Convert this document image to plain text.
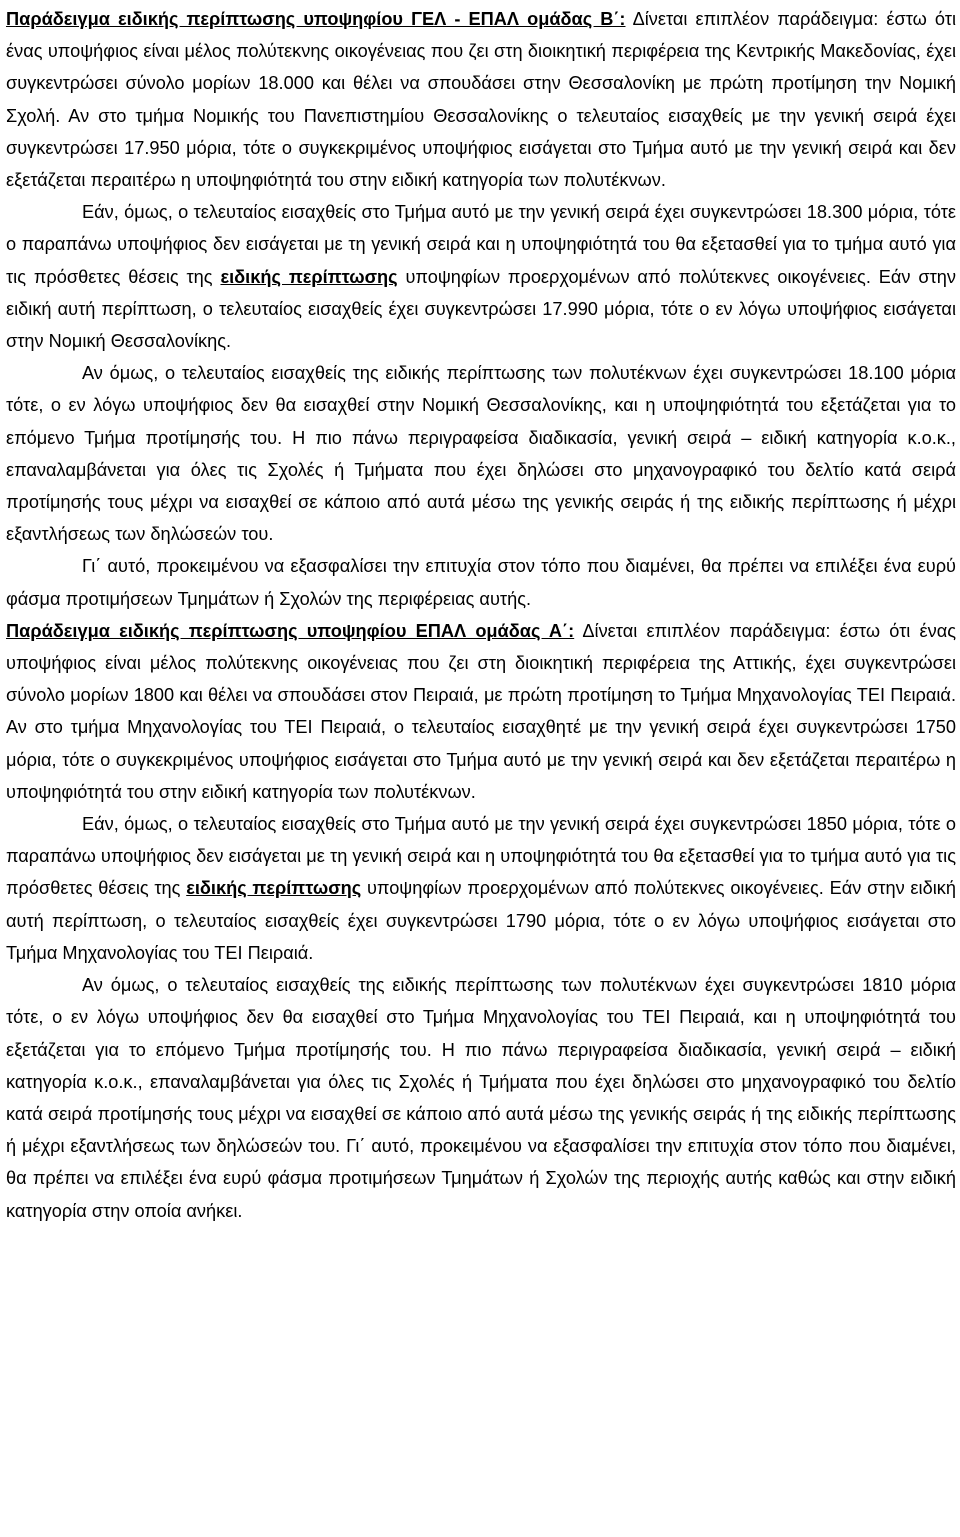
Παράδειγμα ειδικής περίπτωσης υποψηφίου ΓΕΛ - ΕΠΑΛ ομάδας Β΄: Δίνεται επιπλέον παράδειγμα: έστω ότι ένας υποψήφιος είναι μέλος πολύτεκνης οικογένειας που ζει στη διοικητική περιφέρεια της Κεντρικής Μακεδονίας, έχει συγκεντρώσει σύνολο μορίων 18.000 και θέλει να σπουδάσει στην Θεσσαλονίκη με πρώτη προτίμηση την Νομική Σχολή. Αν στο τμήμα Νομικής του Πανεπιστημίου Θεσσαλονίκης ο τελευταίος εισαχθείς με την γενική σειρά έχει συγκεντρώσει 17.950 μόρια, τότε ο συγκεκριμένος υποψήφιος εισάγεται στο Τμήμα αυτό με την γενική σειρά και δεν εξετάζεται περαιτέρω η υποψηφιότητά του στην ειδική κατηγορία των πολυτέκνων.

Εάν, όμως, ο τελευταίος εισαχθείς στο Τμήμα αυτό με την γενική σειρά έχει συγκεντρώσει 18.300 μόρια, τότε ο παραπάνω υποψήφιος δεν εισάγεται με τη γενική σειρά και η υποψηφιότητά του θα εξετασθεί για το τμήμα αυτό για τις πρόσθετες θέσεις της ειδικής περίπτωσης υποψηφίων προερχομένων από πολύτεκνες οικογένειες. Εάν στην ειδική αυτή περίπτωση, ο τελευταίος εισαχθείς έχει συγκεντρώσει 17.990 μόρια, τότε ο εν λόγω υποψήφιος εισάγεται στην Νομική Θεσσαλονίκης.

Αν όμως, ο τελευταίος εισαχθείς της ειδικής περίπτωσης των πολυτέκνων έχει συγκεντρώσει 18.100 μόρια τότε, ο εν λόγω υποψήφιος δεν θα εισαχθεί στην Νομική Θεσσαλονίκης, και η υποψηφιότητά του εξετάζεται για το επόμενο Τμήμα προτίμησής του. Η πιο πάνω περιγραφείσα διαδικασία, γενική σειρά – ειδική κατηγορία κ.ο.κ., επαναλαμβάνεται για όλες τις Σχολές ή Τμήματα που έχει δηλώσει στο μηχανογραφικό του δελτίο κατά σειρά προτίμησής τους μέχρι να εισαχθεί σε κάποιο από αυτά μέσω της γενικής σειράς ή της ειδικής περίπτωσης ή μέχρι εξαντλήσεως των δηλώσεών του.

Γι΄ αυτό, προκειμένου να εξασφαλίσει την επιτυχία στον τόπο που διαμένει, θα πρέπει να επιλέξει ένα ευρύ φάσμα προτιμήσεων Τμημάτων ή Σχολών της περιφέρειας αυτής.

Παράδειγμα ειδικής περίπτωσης υποψηφίου ΕΠΑΛ ομάδας Α΄: Δίνεται επιπλέον παράδειγμα: έστω ότι ένας υποψήφιος είναι μέλος πολύτεκνης οικογένειας που ζει στη διοικητική περιφέρεια της Αττικής, έχει συγκεντρώσει σύνολο μορίων 1800 και θέλει να σπουδάσει στον Πειραιά, με πρώτη προτίμηση το Τμήμα Μηχανολογίας ΤΕΙ Πειραιά. Αν στο τμήμα Μηχανολογίας του ΤΕΙ Πειραιά, ο τελευταίος εισαχθητέ με την γενική σειρά έχει συγκεντρώσει 1750 μόρια, τότε ο συγκεκριμένος υποψήφιος εισάγεται στο Τμήμα αυτό με την γενική σειρά και δεν εξετάζεται περαιτέρω η υποψηφιότητά του στην ειδική κατηγορία των πολυτέκνων.

Εάν, όμως, ο τελευταίος εισαχθείς στο Τμήμα αυτό με την γενική σειρά έχει συγκεντρώσει 1850 μόρια, τότε ο παραπάνω υποψήφιος δεν εισάγεται με τη γενική σειρά και η υποψηφιότητά του θα εξετασθεί για το τμήμα αυτό για τις πρόσθετες θέσεις της ειδικής περίπτωσης υποψηφίων προερχομένων από πολύτεκνες οικογένειες. Εάν στην ειδική αυτή περίπτωση, ο τελευταίος εισαχθείς έχει συγκεντρώσει 1790 μόρια, τότε ο εν λόγω υποψήφιος εισάγεται στο Τμήμα Μηχανολογίας του ΤΕΙ Πειραιά.

Αν όμως, ο τελευταίος εισαχθείς της ειδικής περίπτωσης των πολυτέκνων έχει συγκεντρώσει 1810 μόρια τότε, ο εν λόγω υποψήφιος δεν θα εισαχθεί στο Τμήμα Μηχανολογίας του ΤΕΙ Πειραιά, και η υποψηφιότητά του εξετάζεται για το επόμενο Τμήμα προτίμησής του. Η πιο πάνω περιγραφείσα διαδικασία, γενική σειρά – ειδική κατηγορία κ.ο.κ., επαναλαμβάνεται για όλες τις Σχολές ή Τμήματα που έχει δηλώσει στο μηχανογραφικό του δελτίο κατά σειρά προτίμησής τους μέχρι να εισαχθεί σε κάποιο από αυτά μέσω της γενικής σειράς ή της ειδικής περίπτωσης ή μέχρι εξαντλήσεως των δηλώσεών του. Γι΄ αυτό, προκειμένου να εξασφαλίσει την επιτυχία στον τόπο που διαμένει, θα πρέπει να επιλέξει ένα ευρύ φάσμα προτιμήσεων Τμημάτων ή Σχολών της περιοχής αυτής καθώς και στην ειδική κατηγορία στην οποία ανήκει.
